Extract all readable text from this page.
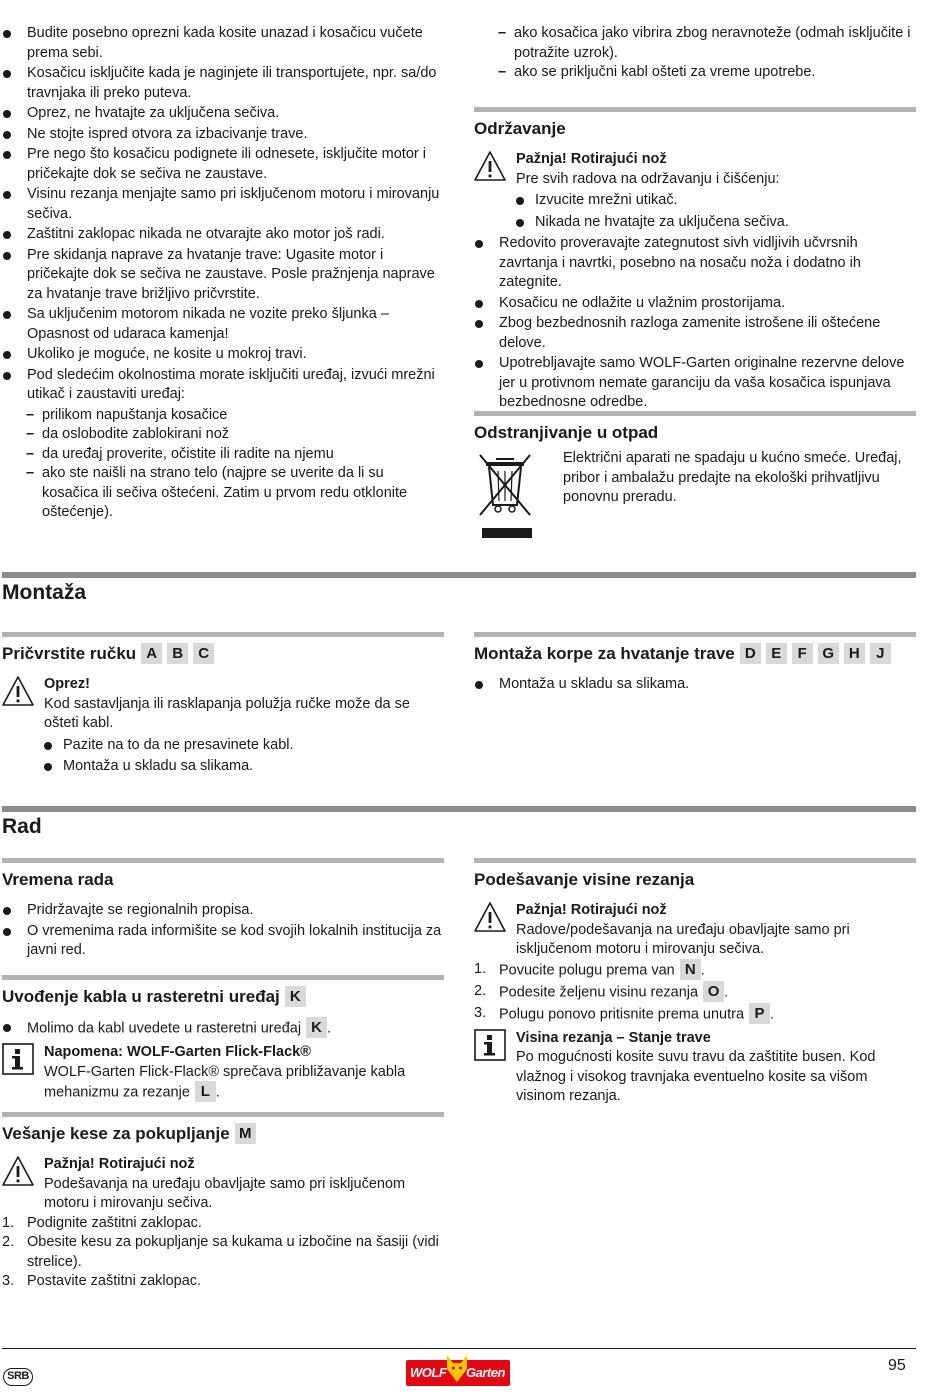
Budite posebno oprezni kada kosite unazad i kosačicu vučete prema sebi.
Kosačicu isključite kada je naginjete ili transportujete, npr. sa/do travnjaka ili preko puteva.
Oprez, ne hvatajte za uključena sečiva.
Ne stojte ispred otvora za izbacivanje trave.
Pre nego što kosačicu podignete ili odnesete, isključite motor i pričekajte dok se sečiva ne zaustave.
Visinu rezanja menjajte samo pri isključenom motoru i mirovanju sečiva.
Zaštitni zaklopac nikada ne otvarajte ako motor još radi.
Pre skidanja naprave za hvatanje trave: Ugasite motor i pričekajte dok se sečiva ne zaustave. Posle pražnjenja naprave za hvatanje trave brižljivo pričvrstite.
Sa uključenim motorom nikada ne vozite preko šljunka – Opasnost od udaraca kamenja!
Ukoliko je moguće, ne kosite u mokroj travi.
Pod sledećim okolnostima morate isključiti uređaj, izvući mrežni utikač i zaustaviti uređaj:
– prilikom napuštanja kosačice
– da oslobodite zablokirani nož
– da uređaj proverite, očistite ili radite na njemu
– ako ste naišli na strano telo (najpre se uverite da li su kosačica ili sečiva oštećeni. Zatim u prvom redu otklonite oštećenje).
– ako kosačica jako vibrira zbog neravnoteže (odmah isključite i potražite uzrok).
– ako se priključni kabl ošteti za vreme upotrebe.
Održavanje
Pažnja! Rotirajući nož
Pre svih radova na održavanju i čišćenju:
Izvucite mrežni utikač.
Nikada ne hvatajte za uključena sečiva.
Redovito proveravajte zategnutost sivh vidljivih učvrsnih zavrtanja i navrtki, posebno na nosaču noža i dodatno ih zategnite.
Kosačicu ne odlažite u vlažnim prostorijama.
Zbog bezbednosnih razloga zamenite istrošene ili oštećene delove.
Upotrebljavajte samo WOLF-Garten originalne rezervne delove jer u protivnom nemate garanciju da vaša kosačica ispunjava bezbednosne odredbe.
Odstranjivanje u otpad
Električni aparati ne spadaju u kućno smeće. Uređaj, pribor i ambalažu predajte na ekološki prihvatljivu ponovnu preradu.
Montaža
Pričvrstite ručku A B C
Oprez!
Kod sastavljanja ili rasklapanja polužja ručke može da se ošteti kabl.
Pazite na to da ne presavinete kabl.
Montaža u skladu sa slikama.
Montaža korpe za hvatanje trave D E F G H J
Montaža u skladu sa slikama.
Rad
Vremena rada
Pridržavajte se regionalnih propisa.
O vremenima rada informišite se kod svojih lokalnih institucija za javni red.
Uvođenje kabla u rasteretni uređaj K
Molimo da kabl uvedete u rasteretni uređaj K .
Napomena: WOLF-Garten Flick-Flack®
WOLF-Garten Flick-Flack® sprečava približavanje kabla mehanizmu za rezanje L .
Vešanje kese za pokupljanje M
Pažnja! Rotirajući nož
Podešavanja na uređaju obavljajte samo pri isključenom motoru i mirovanju sečiva.
1. Podignite zaštitni zaklopac.
2. Obesite kesu za pokupljanje sa kukama u izbočine na šasiji (vidi strelice).
3. Postavite zaštitni zaklopac.
Podešavanje visine rezanja
Pažnja! Rotirajući nož
Radove/podešavanja na uređaju obavljajte samo pri isključenom motoru i mirovanju sečiva.
1. Povucite polugu prema van N .
2. Podesite željenu visinu rezanja O .
3. Polugu ponovo pritisnite prema unutra P .
Visina rezanja – Stanje trave
Po mogućnosti kosite suvu travu da zaštitite busen. Kod vlažnog i visokog travnjaka eventuelno kosite sa višom visinom rezanja.
SRB	WOLF Garten	95
